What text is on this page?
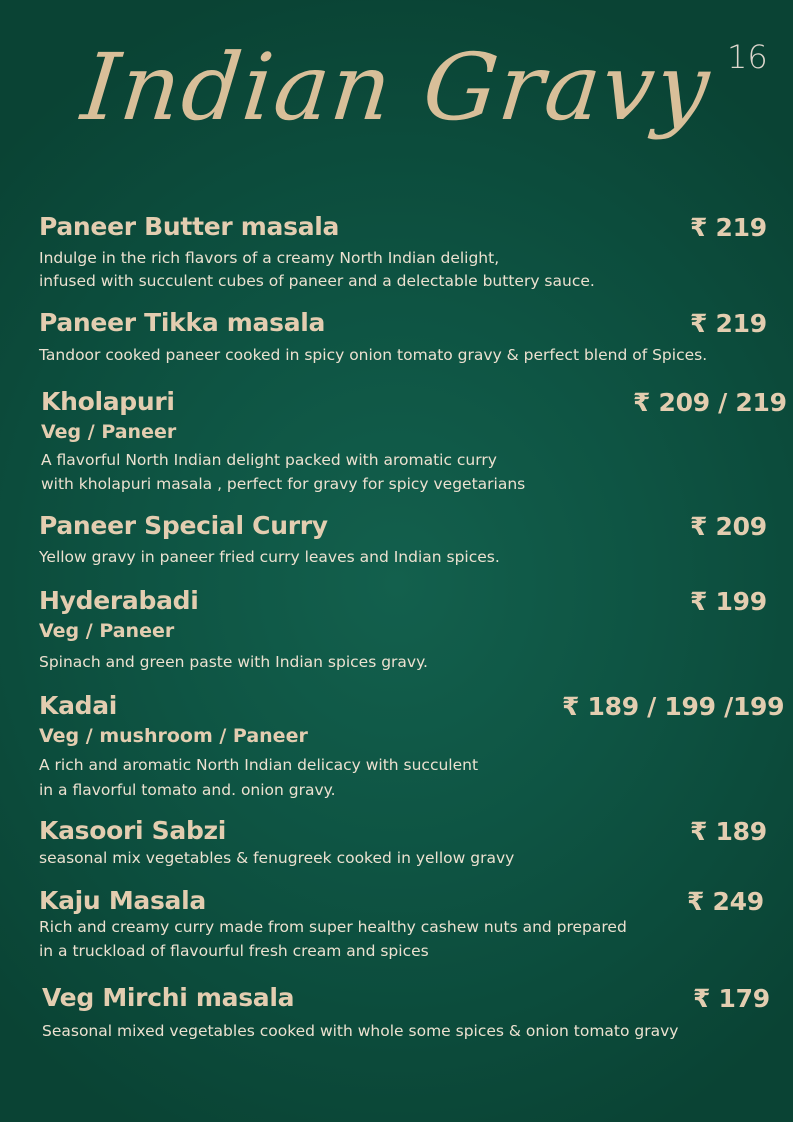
16
Indian Gravy
Paneer Butter masala	₹ 219
Indulge in the rich flavors of a creamy North Indian delight,
infused with succulent cubes of paneer and a delectable buttery sauce.
Paneer Tikka masala	₹ 219
Tandoor cooked paneer cooked in spicy onion tomato gravy & perfect blend of Spices.
Kholapuri	₹ 209 / 219
Veg / Paneer
A flavorful North Indian delight packed with aromatic curry
with kholapuri masala , perfect for gravy for spicy vegetarians
Paneer Special Curry	₹ 209
Yellow gravy in paneer fried curry leaves and Indian spices.
Hyderabadi	₹ 199
Veg / Paneer
Spinach and green paste with Indian spices gravy.
Kadai	₹ 189 / 199 /199
Veg / mushroom / Paneer
A rich and aromatic North Indian delicacy with succulent
in a flavorful tomato and. onion gravy.
Kasoori Sabzi	₹ 189
seasonal mix vegetables & fenugreek cooked in yellow gravy
Kaju Masala	₹ 249
Rich and creamy curry made from super healthy cashew nuts and prepared
in a truckload of flavourful fresh cream and spices
Veg Mirchi masala	₹ 179
Seasonal mixed vegetables cooked with whole some spices & onion tomato gravy
